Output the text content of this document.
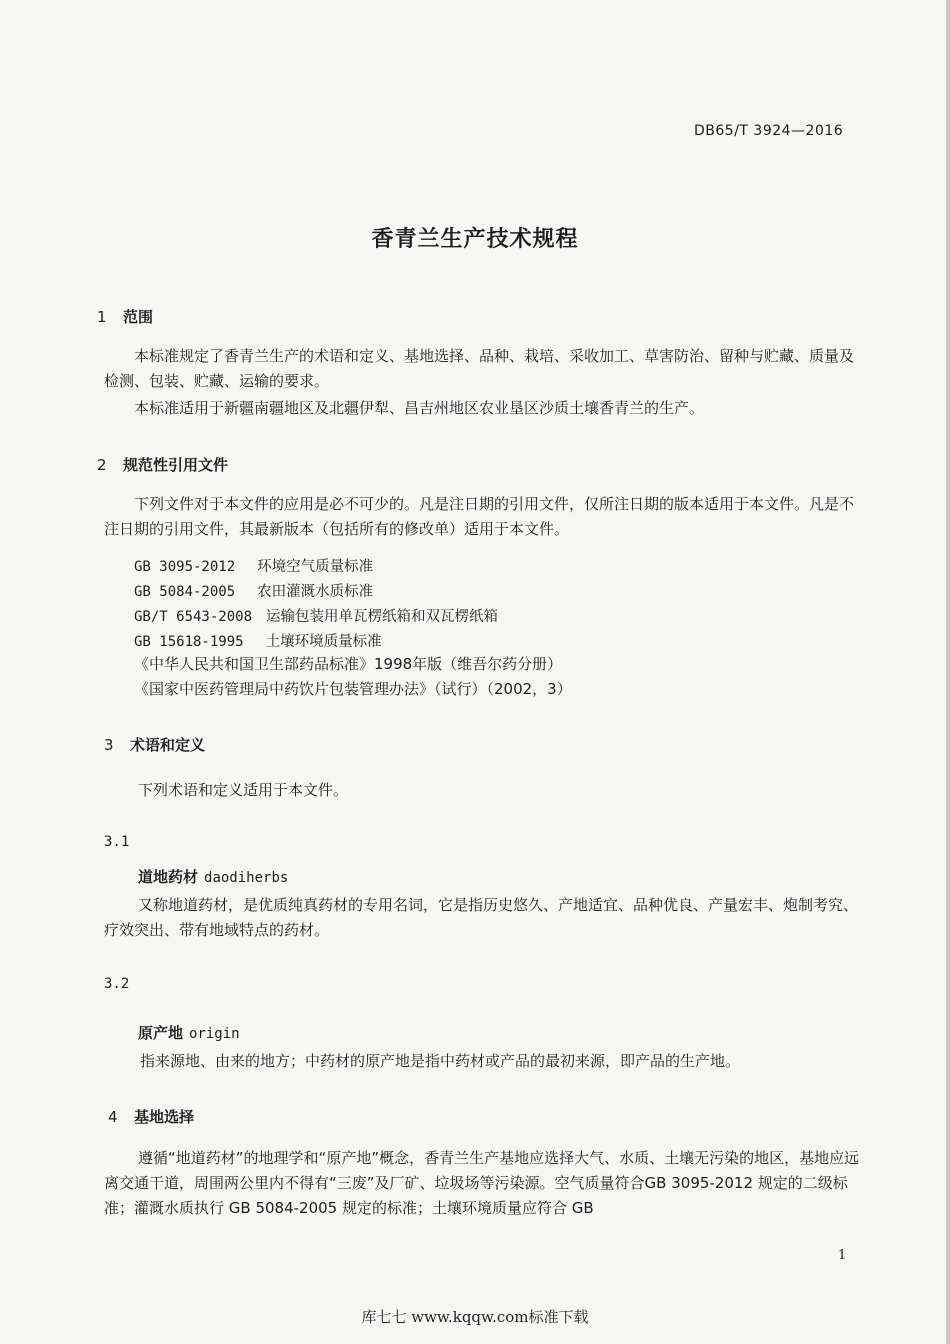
DB65/T 3924—2016
香青兰生产技术规程
1 范围
本标准规定了香青兰生产的术语和定义、基地选择、品种、栽培、采收加工、草害防治、留种与贮藏、质量及检测、包装、贮藏、运输的要求。
本标准适用于新疆南疆地区及北疆伊犁、昌吉州地区农业垦区沙质土壤香青兰的生产。
2 规范性引用文件
下列文件对于本文件的应用是必不可少的。凡是注日期的引用文件，仅所注日期的版本适用于本文件。凡是不注日期的引用文件，其最新版本（包括所有的修改单）适用于本文件。
GB 3095-2012 环境空气质量标准
GB 5084-2005 农田灌溉水质标准
GB/T 6543-2008 运输包装用单瓦楞纸箱和双瓦楞纸箱
GB 15618-1995 土壤环境质量标准
《中华人民共和国卫生部药品标准》1998年版（维吾尔药分册）
《国家中医药管理局中药饮片包装管理办法》（试行）（2002，3）
3 术语和定义
下列术语和定义适用于本文件。
3.1
道地药材 daodiherbs
又称地道药材，是优质纯真药材的专用名词，它是指历史悠久、产地适宜、品种优良、产量宏丰、炮制考究、疗效突出、带有地域特点的药材。
3.2
原产地 origin
指来源地、由来的地方；中药材的原产地是指中药材或产品的最初来源，即产品的生产地。
4 基地选择
遵循“地道药材”的地理学和“原产地”概念，香青兰生产基地应选择大气、水质、土壤无污染的地区，基地应远离交通干道，周围两公里内不得有“三废”及厂矿、垃圾场等污染源。空气质量符合GB 3095-2012 规定的二级标准；灌溉水质执行 GB 5084-2005 规定的标准；土壤环境质量应符合 GB
1
库七七 www.kqqw.com标准下载
